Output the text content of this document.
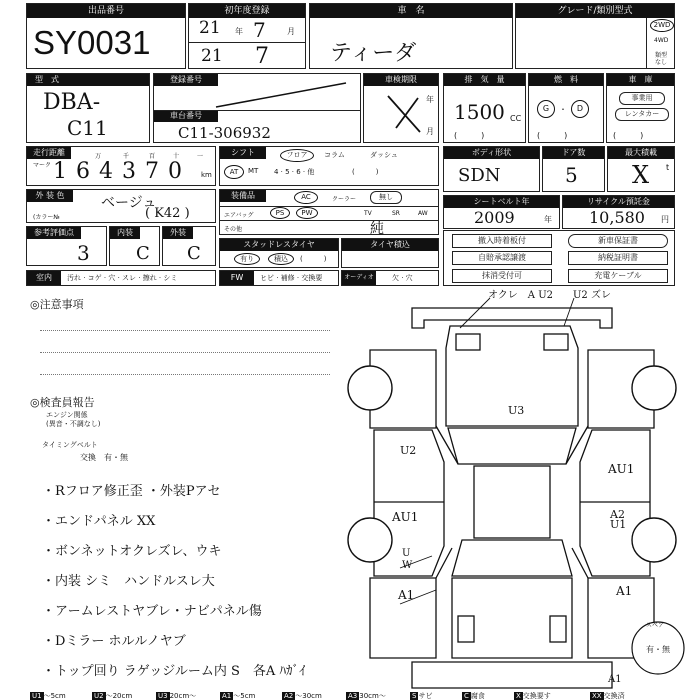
出品番号
SY0031
初年度登録
21 年 7	月
21 7
車　名
ティーダ
グレード/類別型式
2WD
4WD
類型
なし
型　式
DBA-
C11
登録番号
車台番号
C11-306932
車検期限
年
月
排　気　量
1500 CC
(　　　)
燃　料
G	・	D
(　　　)
車　庫
事業用
レンタカー
(　　　)
走行距離
マーク
万	千	百	十	一
1 6 4 3 7 0	km
シフト	フロア	コラム	ダッシュ
AT	MT 4 · 5 · 6 · 他	(　　　)
ボディ形状
SDN
ドア数
5
最大積載
X t
外 装 色	ベージュ
(カラー№	( K42 )
装備品	AC	クーラー	無し
エアバッグ	PS	PW	TV	SR	AW
その他	純
シートベルト年
2009	年
リサイクル預託金
10,580 円
参考評価点
3
内装
C
外装
C	スタッドレスタイヤ
有り	積込	(　　　)
タイヤ積込	撤入時着板付
自賠承認譲渡
抹消受付可
新車保証書
納税証明書
充電ケーブル
室内	汚れ · コゲ · 穴 · スレ · 擦れ · シミ	FW	ヒビ · 補修 · 交換要	オーディオ	欠 · 穴
◎注意事項
◎検査員報告
エンジン関係
(異音・不調なし)
タイミングベルト
交換　有・無
・Rフロア修正歪 ・外装Pアセ
・エンドパネル XX
・ボンネットオクレズレ、ウキ
・内装 シミ　ハンドルスレ大
・アームレストヤブレ・ナビパネル傷
・Dミラー ホルルノヤブ
・トップ回り ラゲッジルーム内 S　各A ﾊｶﾞｲ
オクレ　A U2　　U2 ズレ
U3
U2
AU1
AU1	A2
U1
U
W
A1	A1
A1
スペア
有・無
U1 ～5cm	U2 ～20cm	U3 20cm～	A1 ～5cm	A2 ～30cm	A3 30cm～	S サビ	C 腐食	X 交換要す	XX 交換済
